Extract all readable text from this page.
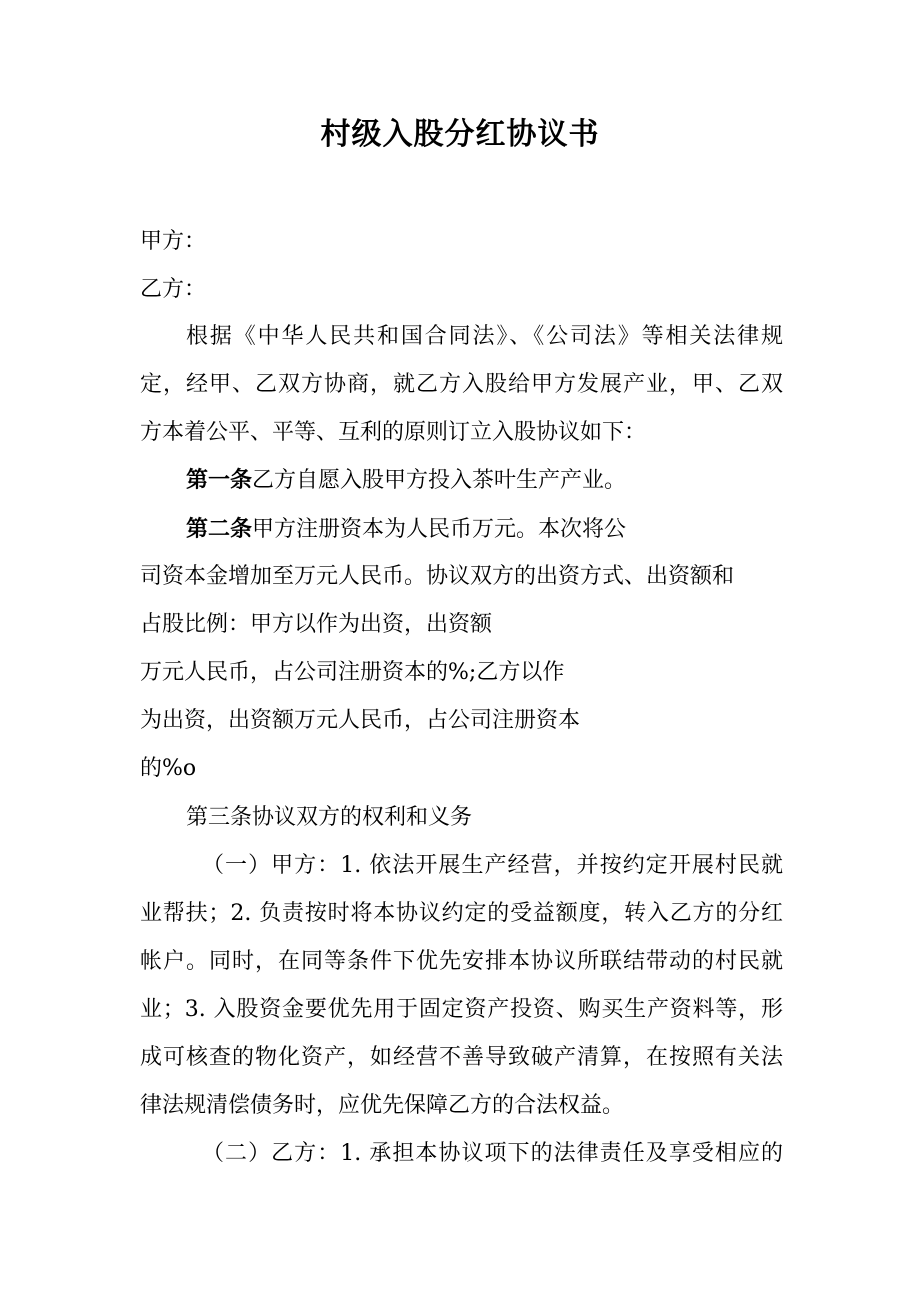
村级入股分红协议书
甲方：
乙方：
根据《中华人民共和国合同法》、《公司法》等相关法律规
定，经甲、乙双方协商，就乙方入股给甲方发展产业，甲、乙双
方本着公平、平等、互利的原则订立入股协议如下：
第一条乙方自愿入股甲方投入茶叶生产产业。
第二条甲方注册资本为人民币万元。本次将公
司资本金增加至万元人民币。协议双方的出资方式、出资额和
占股比例：甲方以作为出资，出资额
万元人民币，占公司注册资本的%;乙方以作
为出资，出资额万元人民币，占公司注册资本
的%o
第三条协议双方的权利和义务
（一）甲方：1. 依法开展生产经营，并按约定开展村民就
业帮扶；2. 负责按时将本协议约定的受益额度，转入乙方的分红
帐户。同时，在同等条件下优先安排本协议所联结带动的村民就
业；3. 入股资金要优先用于固定资产投资、购买生产资料等，形
成可核查的物化资产，如经营不善导致破产清算，在按照有关法
律法规清偿债务时，应优先保障乙方的合法权益。
（二）乙方：1. 承担本协议项下的法律责任及享受相应的
